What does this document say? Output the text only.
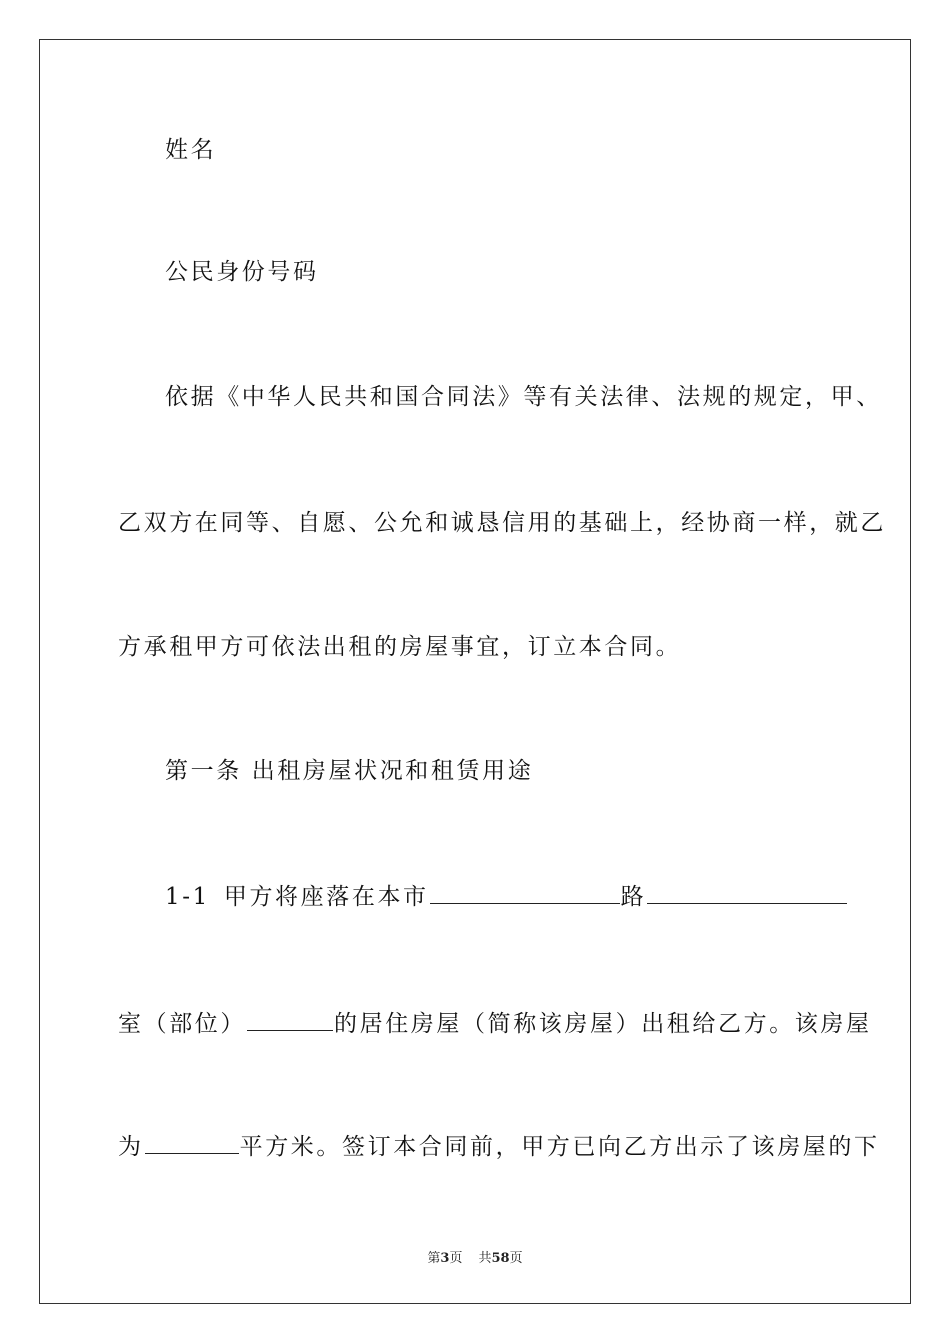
姓名
公民身份号码
依据《中华人民共和国合同法》等有关法律、法规的规定，甲、
乙双方在同等、自愿、公允和诚恳信用的基础上，经协商一样，就乙
方承租甲方可依法出租的房屋事宜，订立本合同。
第一条 出租房屋状况和租赁用途
1-1 甲方将座落在本市	路
室（部位）	的居住房屋（简称该房屋）出租给乙方。该房屋
为	平方米。签订本合同前，甲方已向乙方出示了该房屋的下
第3页 共58页
